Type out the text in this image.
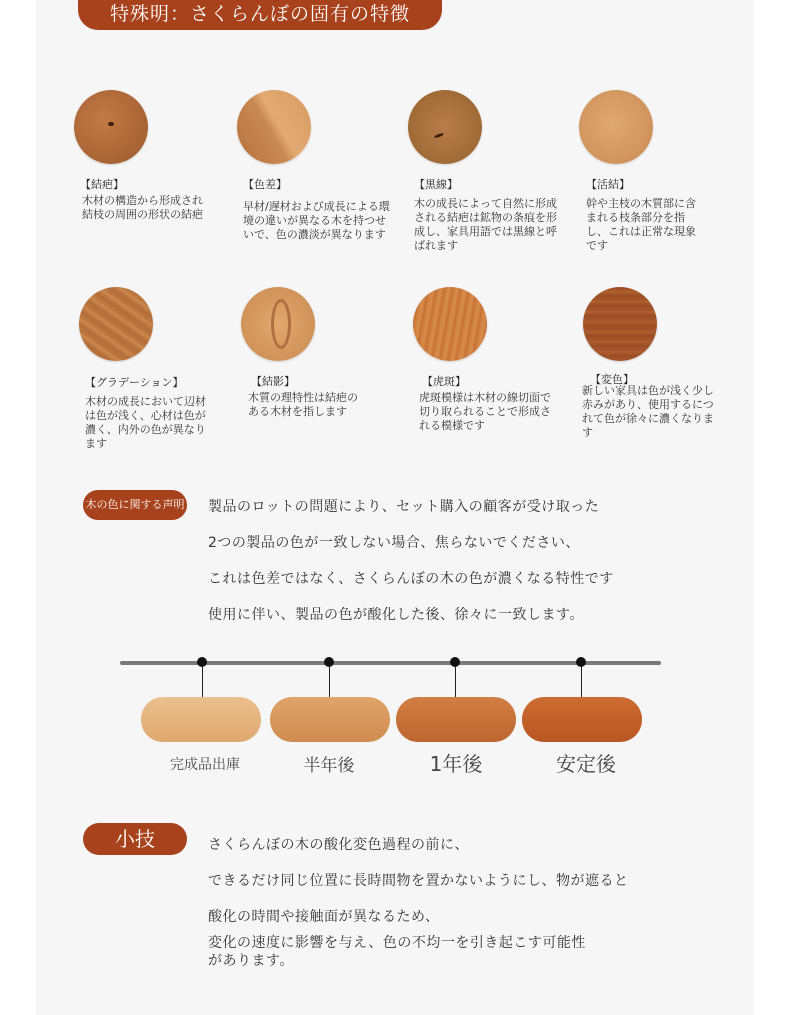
特殊明：さくらんぼの固有の特徴
【結疤】
木材の構造から形成され
結枝の周囲の形状の結疤
【色差】
早材/遅材および成長による環境の違いが異なる木を持つせいで、色の濃淡が異なります
【黒線】
木の成長によって自然に形成される結疤は鉱物の条痕を形成し、家具用語では黒線と呼ばれます
【活結】
幹や主枝の木質部に含まれる枝条部分を指し、これは正常な現象です
【グラデーション】
木材の成長において辺材は色が浅く、心材は色が濃く、内外の色が異なります
【結影】
木質の理特性は結疤のある木材を指します
【虎斑】
虎斑模様は木材の線切面で切り取られることで形成される模様です
【変色】
新しい家具は色が浅く少し赤みがあり、使用するにつれて色が徐々に濃くなります
木の色に関する声明 製品のロットの問題により、セット購入の顧客が受け取った
2つの製品の色が一致しない場合、焦らないでください、
これは色差ではなく、さくらんぼの木の色が濃くなる特性です
使用に伴い、製品の色が酸化した後、徐々に一致します。
完成品出庫	半年後	1年後	安定後
小技	さくらんぼの木の酸化変色過程の前に、
できるだけ同じ位置に長時間物を置かないようにし、物が遮ると
酸化の時間や接触面が異なるため、
変化の速度に影響を与え、色の不均一を引き起こす可能性があります。
